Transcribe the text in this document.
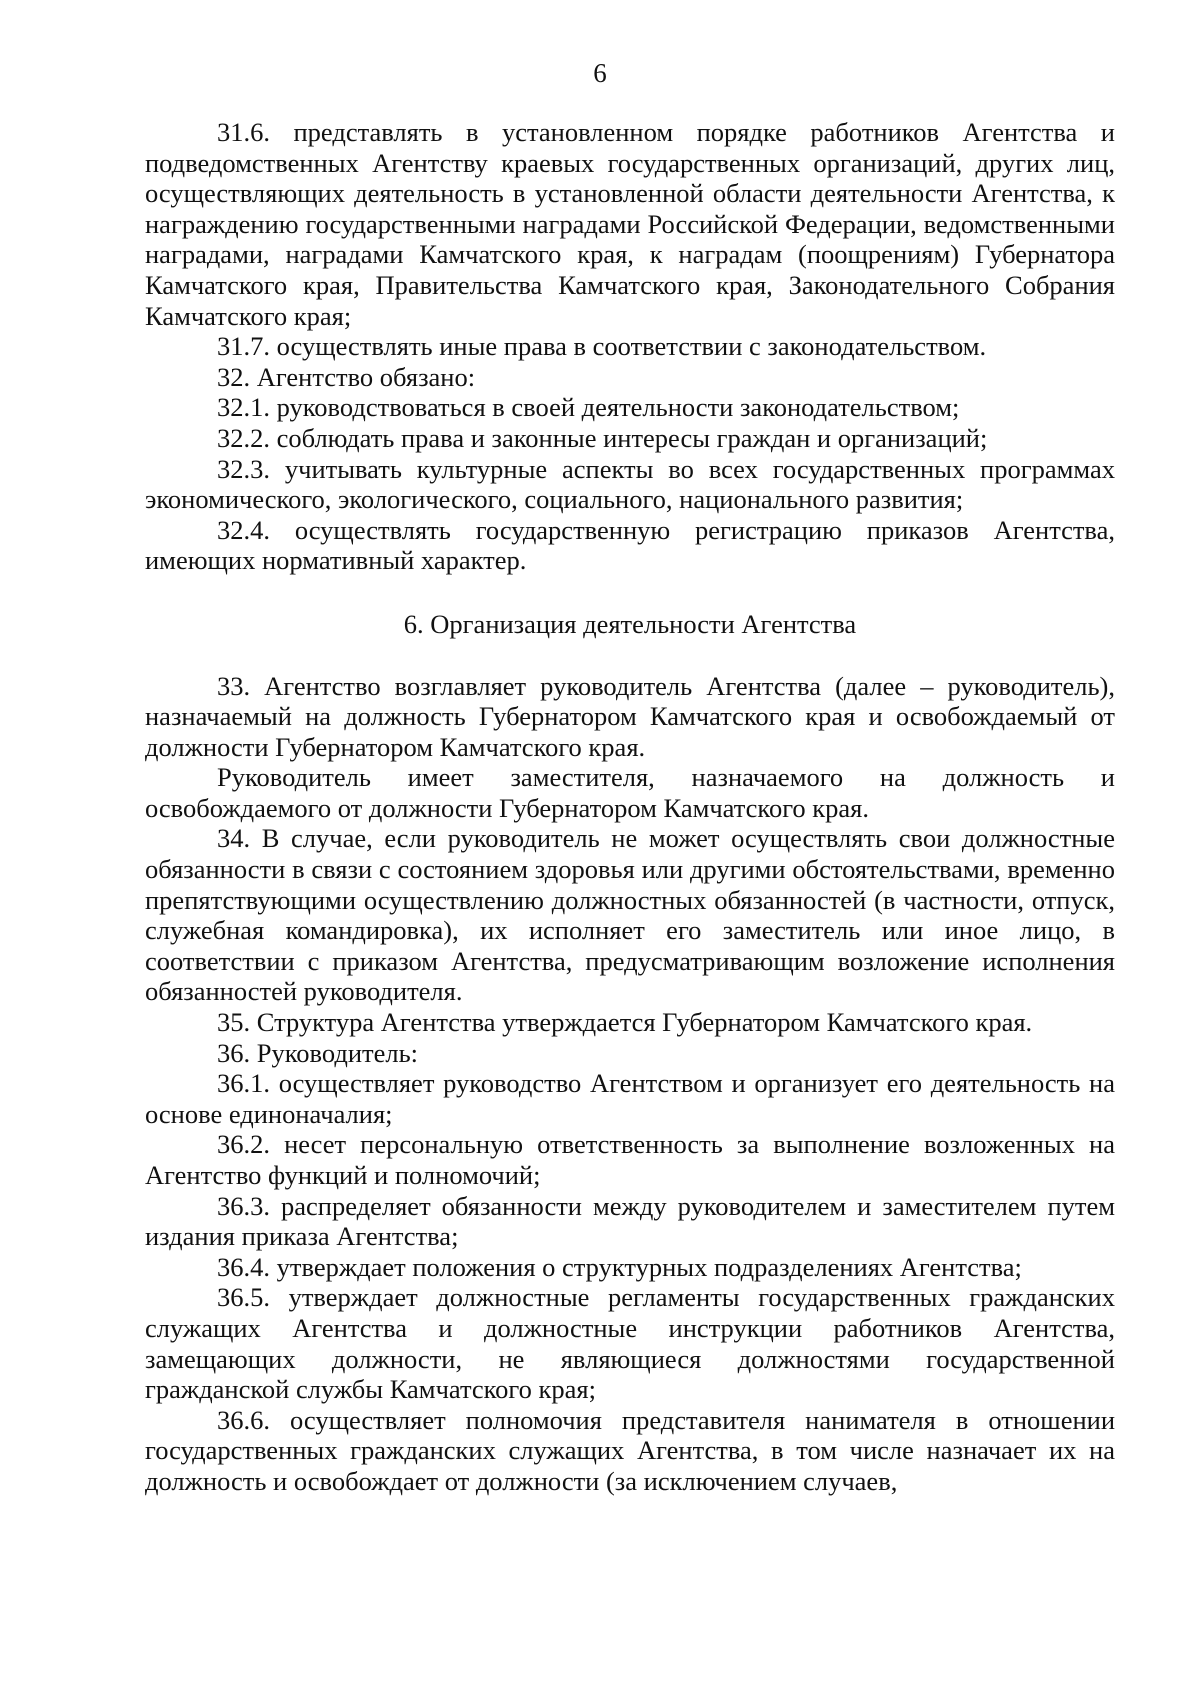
6

31.6. представлять в установленном порядке работников Агентства и подведомственных Агентству краевых государственных организаций, других лиц, осуществляющих деятельность в установленной области деятельности Агентства, к награждению государственными наградами Российской Федерации, ведомственными наградами, наградами Камчатского края, к наградам (поощрениям) Губернатора Камчатского края, Правительства Камчатского края, Законодательного Собрания Камчатского края;

31.7. осуществлять иные права в соответствии с законодательством.

32. Агентство обязано:

32.1. руководствоваться в своей деятельности законодательством;

32.2. соблюдать права и законные интересы граждан и организаций;

32.3. учитывать культурные аспекты во всех государственных программах экономического, экологического, социального, национального развития;

32.4. осуществлять государственную регистрацию приказов Агентства, имеющих нормативный характер.

6. Организация деятельности Агентства

33. Агентство возглавляет руководитель Агентства (далее – руководитель), назначаемый на должность Губернатором Камчатского края и освобождаемый от должности Губернатором Камчатского края.

Руководитель имеет заместителя, назначаемого на должность и освобождаемого от должности Губернатором Камчатского края.

34. В случае, если руководитель не может осуществлять свои должностные обязанности в связи с состоянием здоровья или другими обстоятельствами, временно препятствующими осуществлению должностных обязанностей (в частности, отпуск, служебная командировка), их исполняет его заместитель или иное лицо, в соответствии с приказом Агентства, предусматривающим возложение исполнения обязанностей руководителя.

35. Структура Агентства утверждается Губернатором Камчатского края.

36. Руководитель:

36.1. осуществляет руководство Агентством и организует его деятельность на основе единоначалия;

36.2. несет персональную ответственность за выполнение возложенных на Агентство функций и полномочий;

36.3. распределяет обязанности между руководителем и заместителем путем издания приказа Агентства;

36.4. утверждает положения о структурных подразделениях Агентства;

36.5. утверждает должностные регламенты государственных гражданских служащих Агентства и должностные инструкции работников Агентства, замещающих должности, не являющиеся должностями государственной гражданской службы Камчатского края;

36.6. осуществляет полномочия представителя нанимателя в отношении государственных гражданских служащих Агентства, в том числе назначает их на должность и освобождает от должности (за исключением случаев,
